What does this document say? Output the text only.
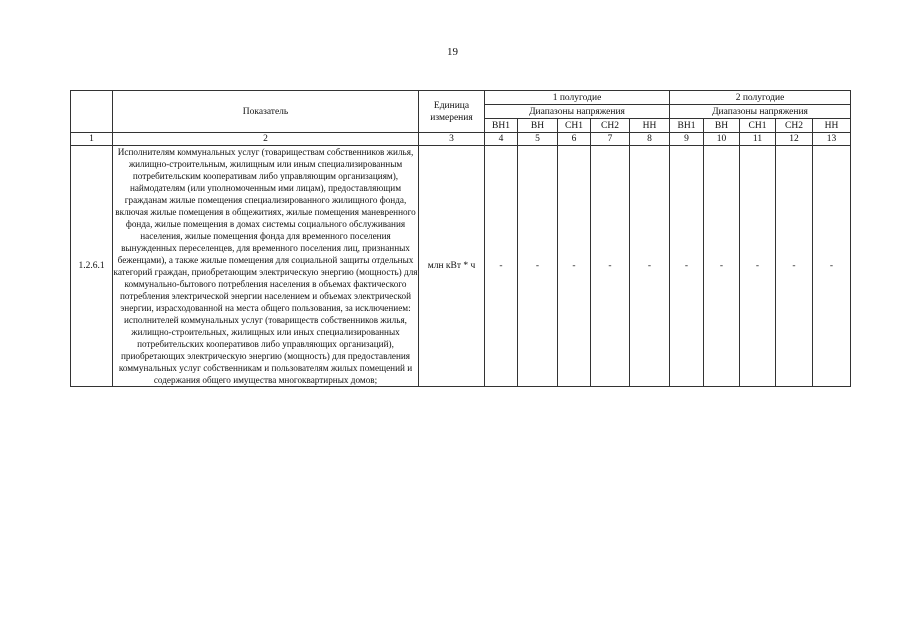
19
	Показатель	Единица измерения	1 полугодие					2 полугодие				
			Диапазоны напряжения					Диапазоны напряжения				
			ВН1	ВН	СН1	СН2	НН	ВН1	ВН	СН1	СН2	НН
1	2	3	4	5	6	7	8	9	10	11	12	13
1.2.6.1	Исполнителям коммунальных услуг (товариществам собственников жилья, жилищно-строительным, жилищным или иным специализированным потребительским кооперативам либо управляющим организациям), наймодателям (или уполномоченным ими лицам), предоставляющим гражданам жилые помещения специализированного жилищного фонда, включая жилые помещения в общежитиях, жилые помещения маневренного фонда, жилые помещения в домах системы социального обслуживания населения, жилые помещения фонда для временного поселения вынужденных переселенцев, для временного поселения лиц, признанных беженцами), а также жилые помещения для социальной защиты отдельных категорий граждан, приобретающим электрическую энергию (мощность) для коммунально-бытового потребления населения в объемах фактического потребления электрической энергии населением и объемах электрической энергии, израсходованной на места общего пользования, за исключением:

исполнителей коммунальных услуг (товариществ собственников жилья, жилищно-строительных, жилищных или иных специализированных потребительских кооперативов либо управляющих организаций), приобретающих электрическую энергию (мощность) для предоставления коммунальных услуг собственникам и пользователям жилых помещений и содержания общего имущества многоквартирных домов;	млн кВт * ч	-	-	-	-	-	-	-	-	-	-
